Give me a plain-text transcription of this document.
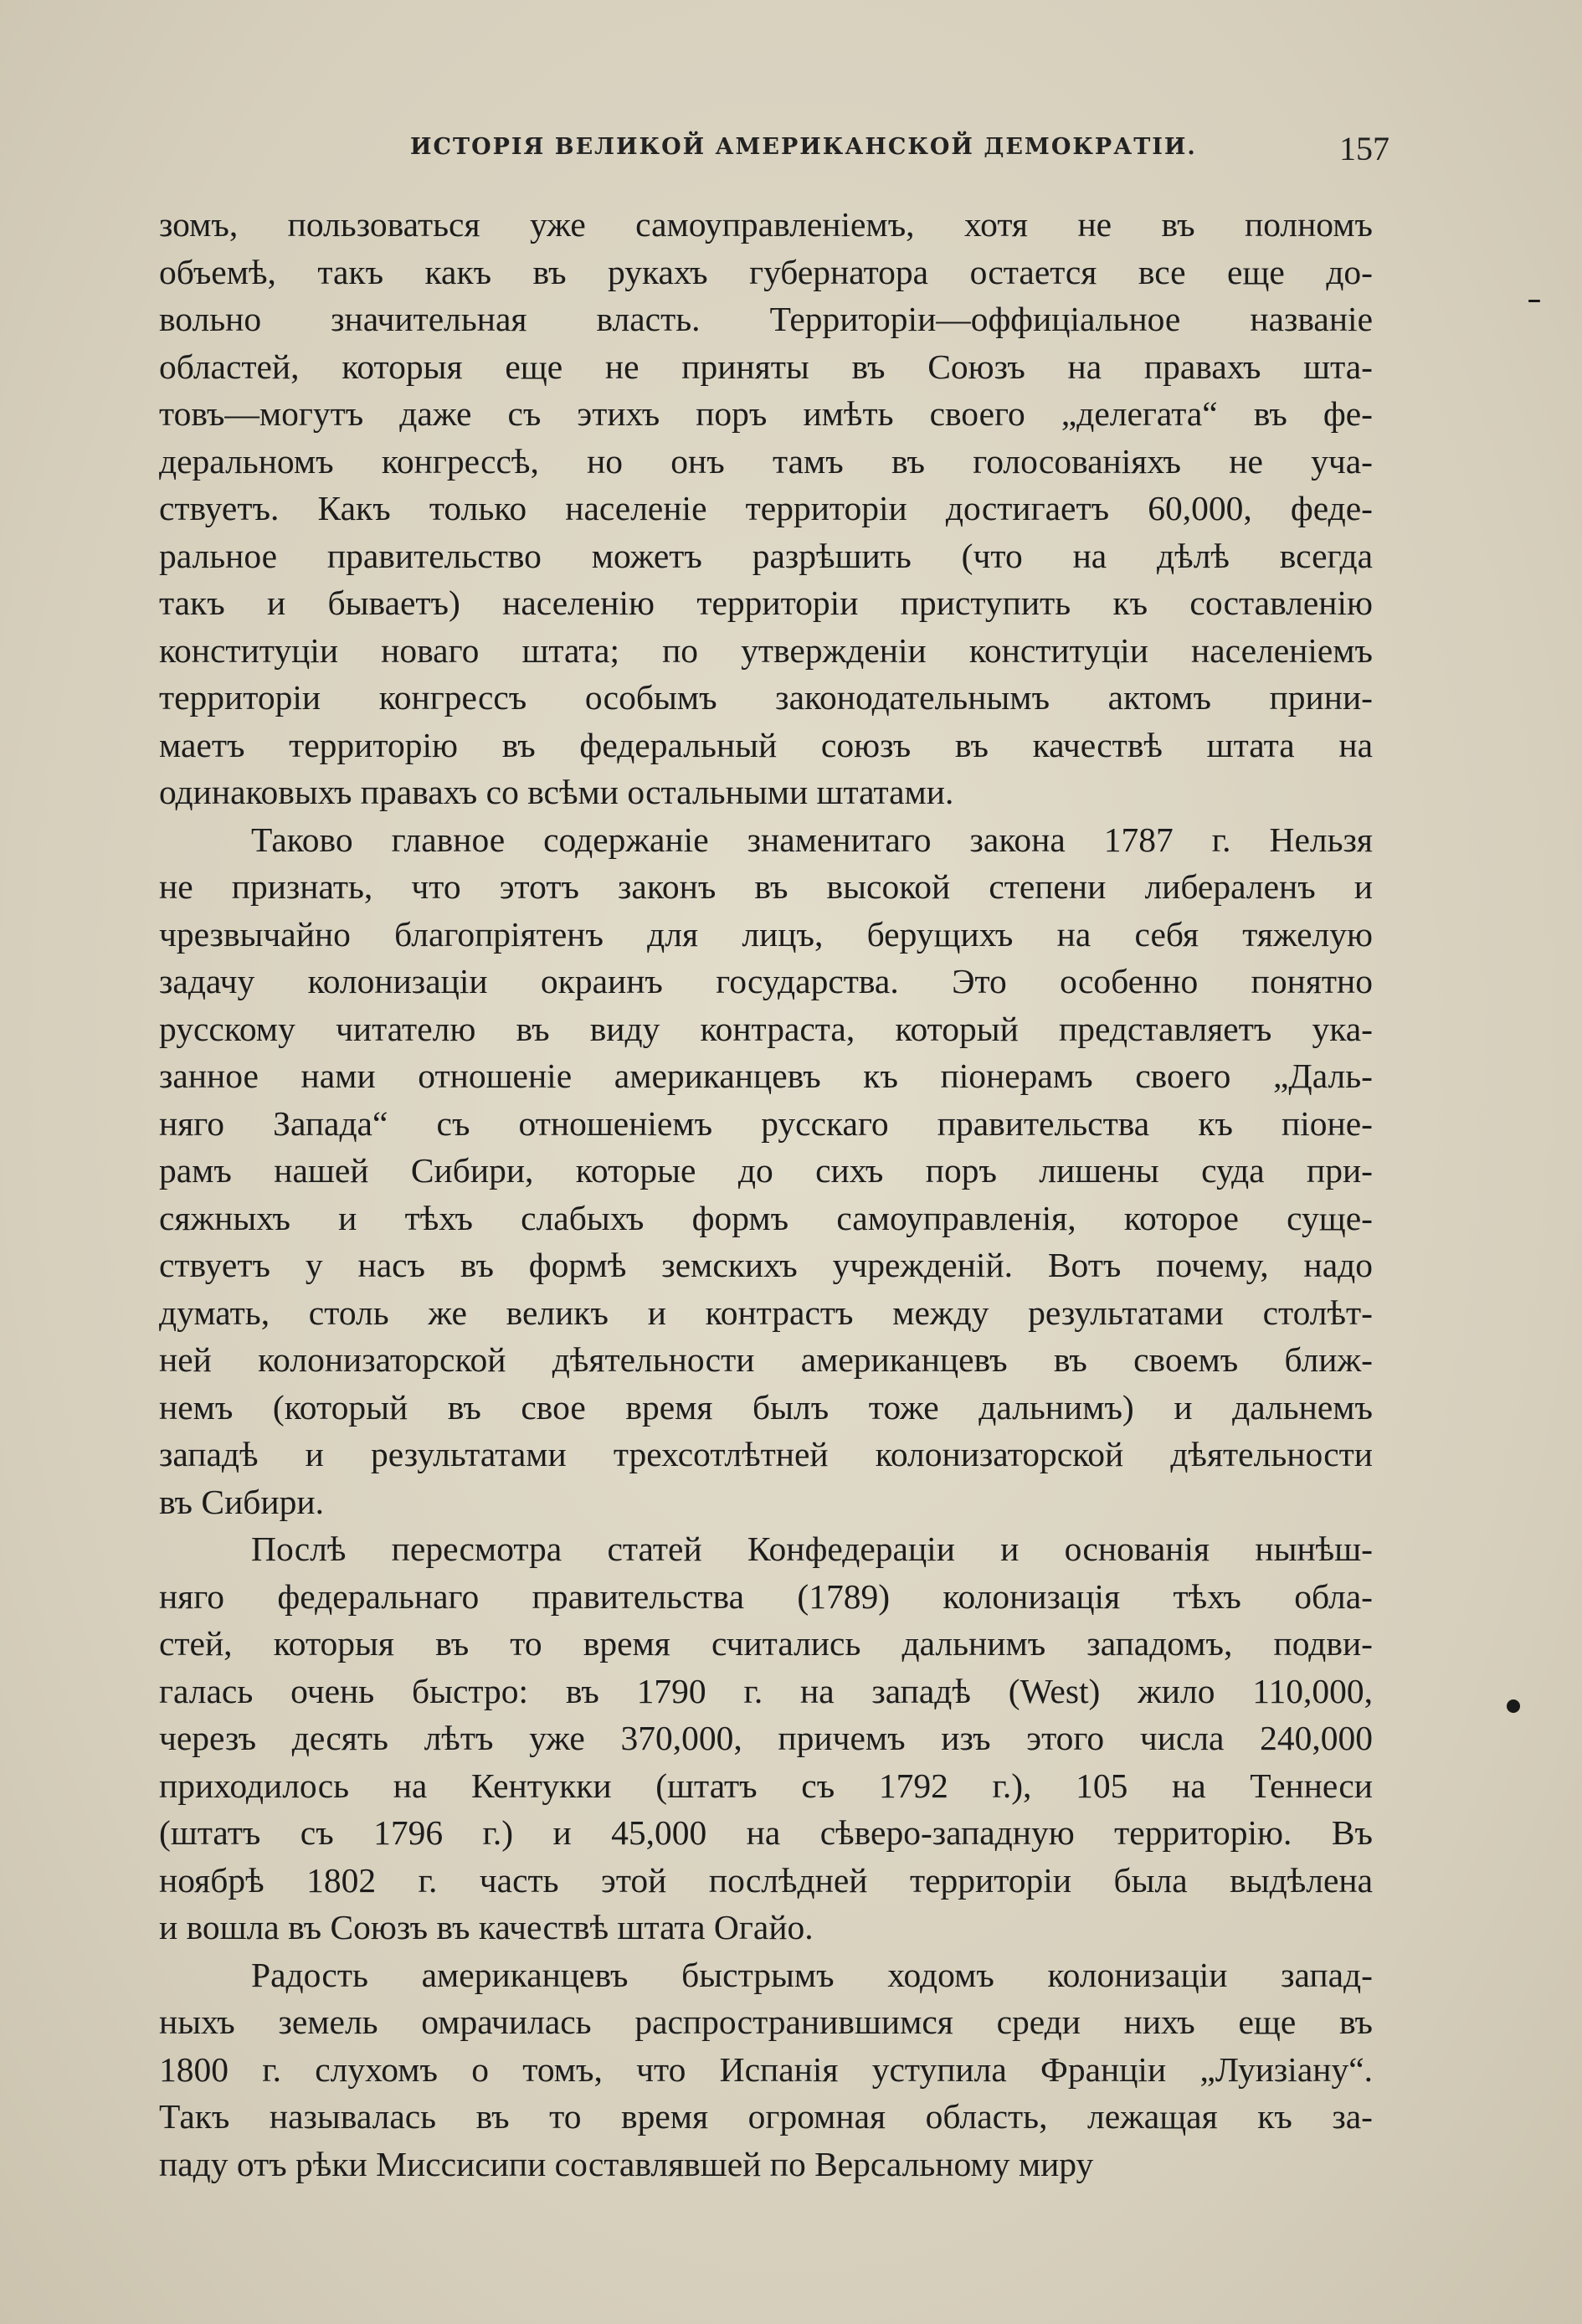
ИСТОРІЯ ВЕЛИКОЙ АМЕРИКАНСКОЙ ДЕМОКРАТІИ.	157
зомъ, пользоваться уже самоуправленіемъ, хотя не въ полномъ
объемѣ, такъ какъ въ рукахъ губернатора остается все еще до-
вольно значительная власть. Территоріи—оффиціальное названіе
областей, которыя еще не приняты въ Союзъ на правахъ шта-
товъ—могутъ даже съ этихъ поръ имѣть своего „делегата“ въ фе-
деральномъ конгрессѣ, но онъ тамъ въ голосованіяхъ не уча-
ствуетъ. Какъ только населеніе территоріи достигаетъ 60,000, феде-
ральное правительство можетъ разрѣшить (что на дѣлѣ всегда
такъ и бываетъ) населенію территоріи приступить къ составленію
конституціи новаго штата; по утвержденіи конституціи населеніемъ
территоріи конгрессъ особымъ законодательнымъ актомъ прини-
маетъ территорію въ федеральный союзъ въ качествѣ штата на
одинаковыхъ правахъ со всѣми остальными штатами.
Таково главное содержаніе знаменитаго закона 1787 г. Нельзя
не признать, что этотъ законъ въ высокой степени либераленъ и
чрезвычайно благопріятенъ для лицъ, берущихъ на себя тяжелую
задачу колонизаціи окраинъ государства. Это особенно понятно
русскому читателю въ виду контраста, который представляетъ ука-
занное нами отношеніе американцевъ къ піонерамъ своего „Даль-
няго Запада“ съ отношеніемъ русскаго правительства къ піоне-
рамъ нашей Сибири, которые до сихъ поръ лишены суда при-
сяжныхъ и тѣхъ слабыхъ формъ самоуправленія, которое суще-
ствуетъ у насъ въ формѣ земскихъ учрежденій. Вотъ почему, надо
думать, столь же великъ и контрастъ между результатами столѣт-
ней колонизаторской дѣятельности американцевъ въ своемъ ближ-
немъ (который въ свое время былъ тоже дальнимъ) и дальнемъ
западѣ и результатами трехсотлѣтней колонизаторской дѣятельности
въ Сибири.
Послѣ пересмотра статей Конфедераціи и основанія нынѣш-
няго федеральнаго правительства (1789) колонизація тѣхъ обла-
стей, которыя въ то время считались дальнимъ западомъ, подви-
галась очень быстро: въ 1790 г. на западѣ (West) жило 110,000,
черезъ десять лѣтъ уже 370,000, причемъ изъ этого числа 240,000
приходилось на Кентукки (штатъ съ 1792 г.), 105 на Теннеси
(штатъ съ 1796 г.) и 45,000 на сѣверо-западную территорію. Въ
ноябрѣ 1802 г. часть этой послѣдней территоріи была выдѣлена
и вошла въ Союзъ въ качествѣ штата Огайо.
Радость американцевъ быстрымъ ходомъ колонизаціи запад-
ныхъ земель омрачилась распространившимся среди нихъ еще въ
1800 г. слухомъ о томъ, что Испанія уступила Франціи „Луизіану“.
Такъ называлась въ то время огромная область, лежащая къ за-
паду отъ рѣки Миссисипи составлявшей по Версальному миру
